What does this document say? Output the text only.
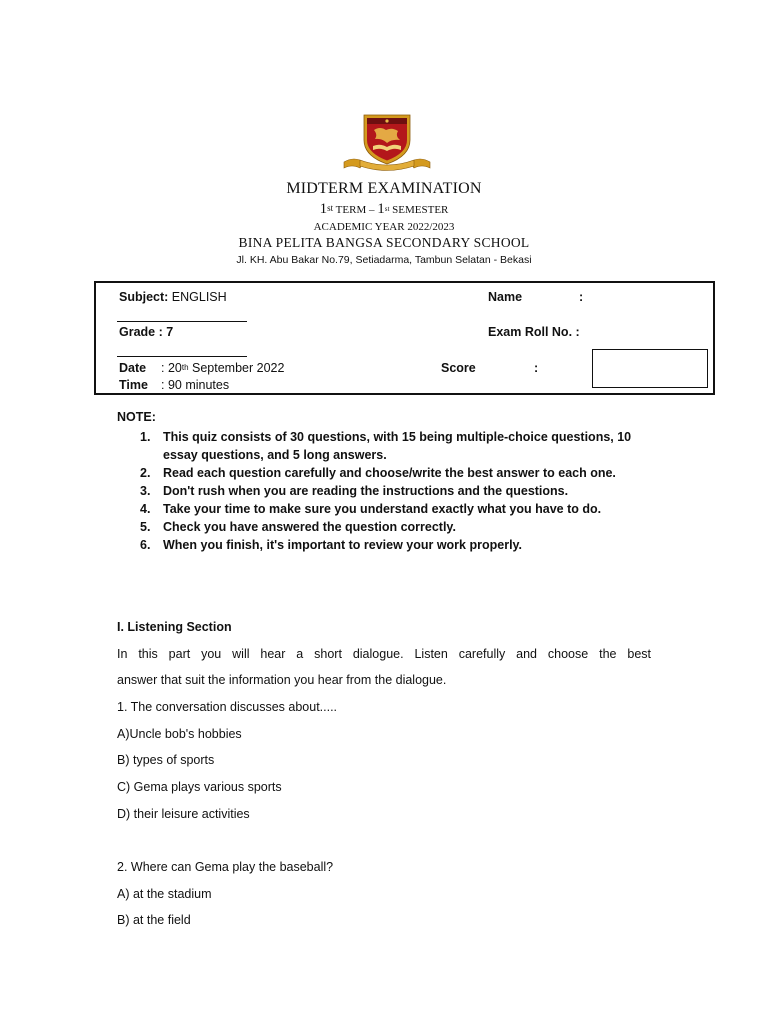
MIDTERM EXAMINATION
1st TERM – 1st SEMESTER
ACADEMIC YEAR 2022/2023
BINA PELITA BANGSA SECONDARY SCHOOL
Jl. KH. Abu Bakar No.79, Setiadarma, Tambun Selatan - Bekasi
Subject: ENGLISH	Name	:
Grade : 7	Exam Roll No. :
Date : 20th September 2022	Score	:
Time : 90 minutes
NOTE:
1. This quiz consists of 30 questions, with 15 being multiple-choice questions, 10 essay questions, and 5 long answers.
2. Read each question carefully and choose/write the best answer to each one.
3. Don't rush when you are reading the instructions and the questions.
4. Take your time to make sure you understand exactly what you have to do.
5. Check you have answered the question correctly.
6. When you finish, it's important to review your work properly.
I. Listening Section
In this part you will hear a short dialogue. Listen carefully and choose the best
answer that suit the information you hear from the dialogue.
1. The conversation discusses about.....
A)Uncle bob's hobbies
B) types of sports
C) Gema plays various sports
D) their leisure activities
2. Where can Gema play the baseball?
A) at the stadium
B) at the field
